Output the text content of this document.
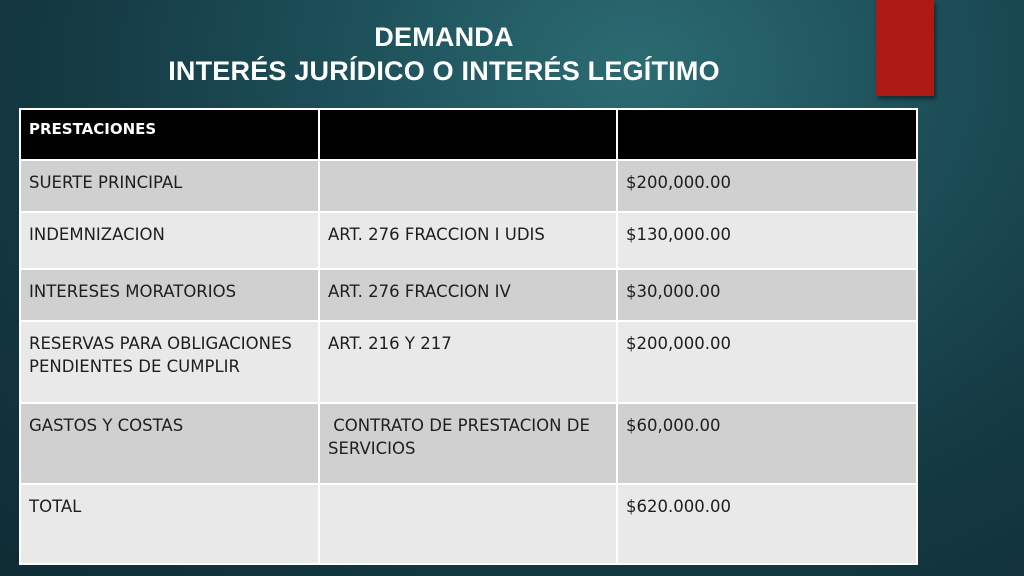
DEMANDA
INTERÉS JURÍDICO O INTERÉS LEGÍTIMO
PRESTACIONES		
SUERTE PRINCIPAL		$200,000.00
INDEMNIZACION	ART. 276 FRACCION I UDIS	$130,000.00
INTERESES MORATORIOS	ART. 276 FRACCION IV	$30,000.00
RESERVAS PARA OBLIGACIONES PENDIENTES DE CUMPLIR	ART. 216 Y 217	$200,000.00
GASTOS Y COSTAS	CONTRATO DE PRESTACION DE SERVICIOS	$60,000.00
TOTAL		$620.000.00
